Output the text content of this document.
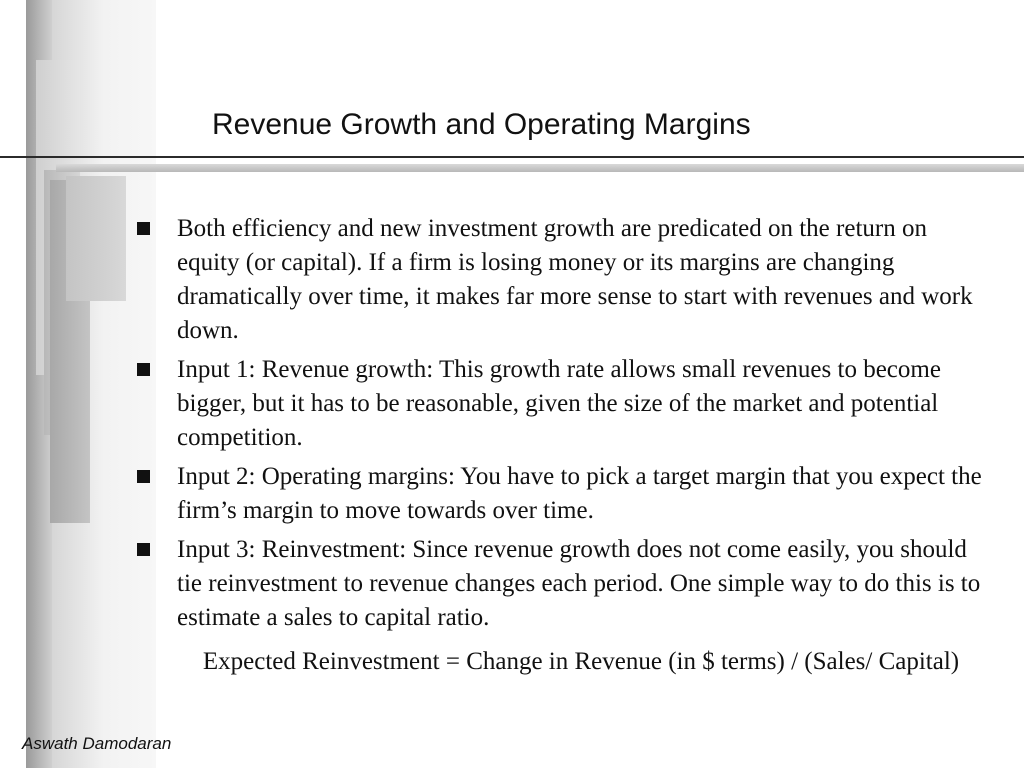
Revenue Growth and Operating Margins
Both efficiency and new investment growth are predicated on the return on equity (or capital). If a firm is losing money or its margins are changing dramatically over time, it makes far more sense to start with revenues and work down.
Input 1: Revenue growth: This growth rate allows small revenues to become bigger, but it has to be reasonable, given the size of the market and potential competition.
Input 2: Operating margins: You have to pick a target margin that you expect the firm’s margin to move towards over time.
Input 3: Reinvestment: Since revenue growth does not come easily, you should tie reinvestment to revenue changes each period. One simple way to do this is to estimate a sales to capital ratio.
Expected Reinvestment = Change in Revenue (in $ terms) / (Sales/ Capital)
Aswath Damodaran
